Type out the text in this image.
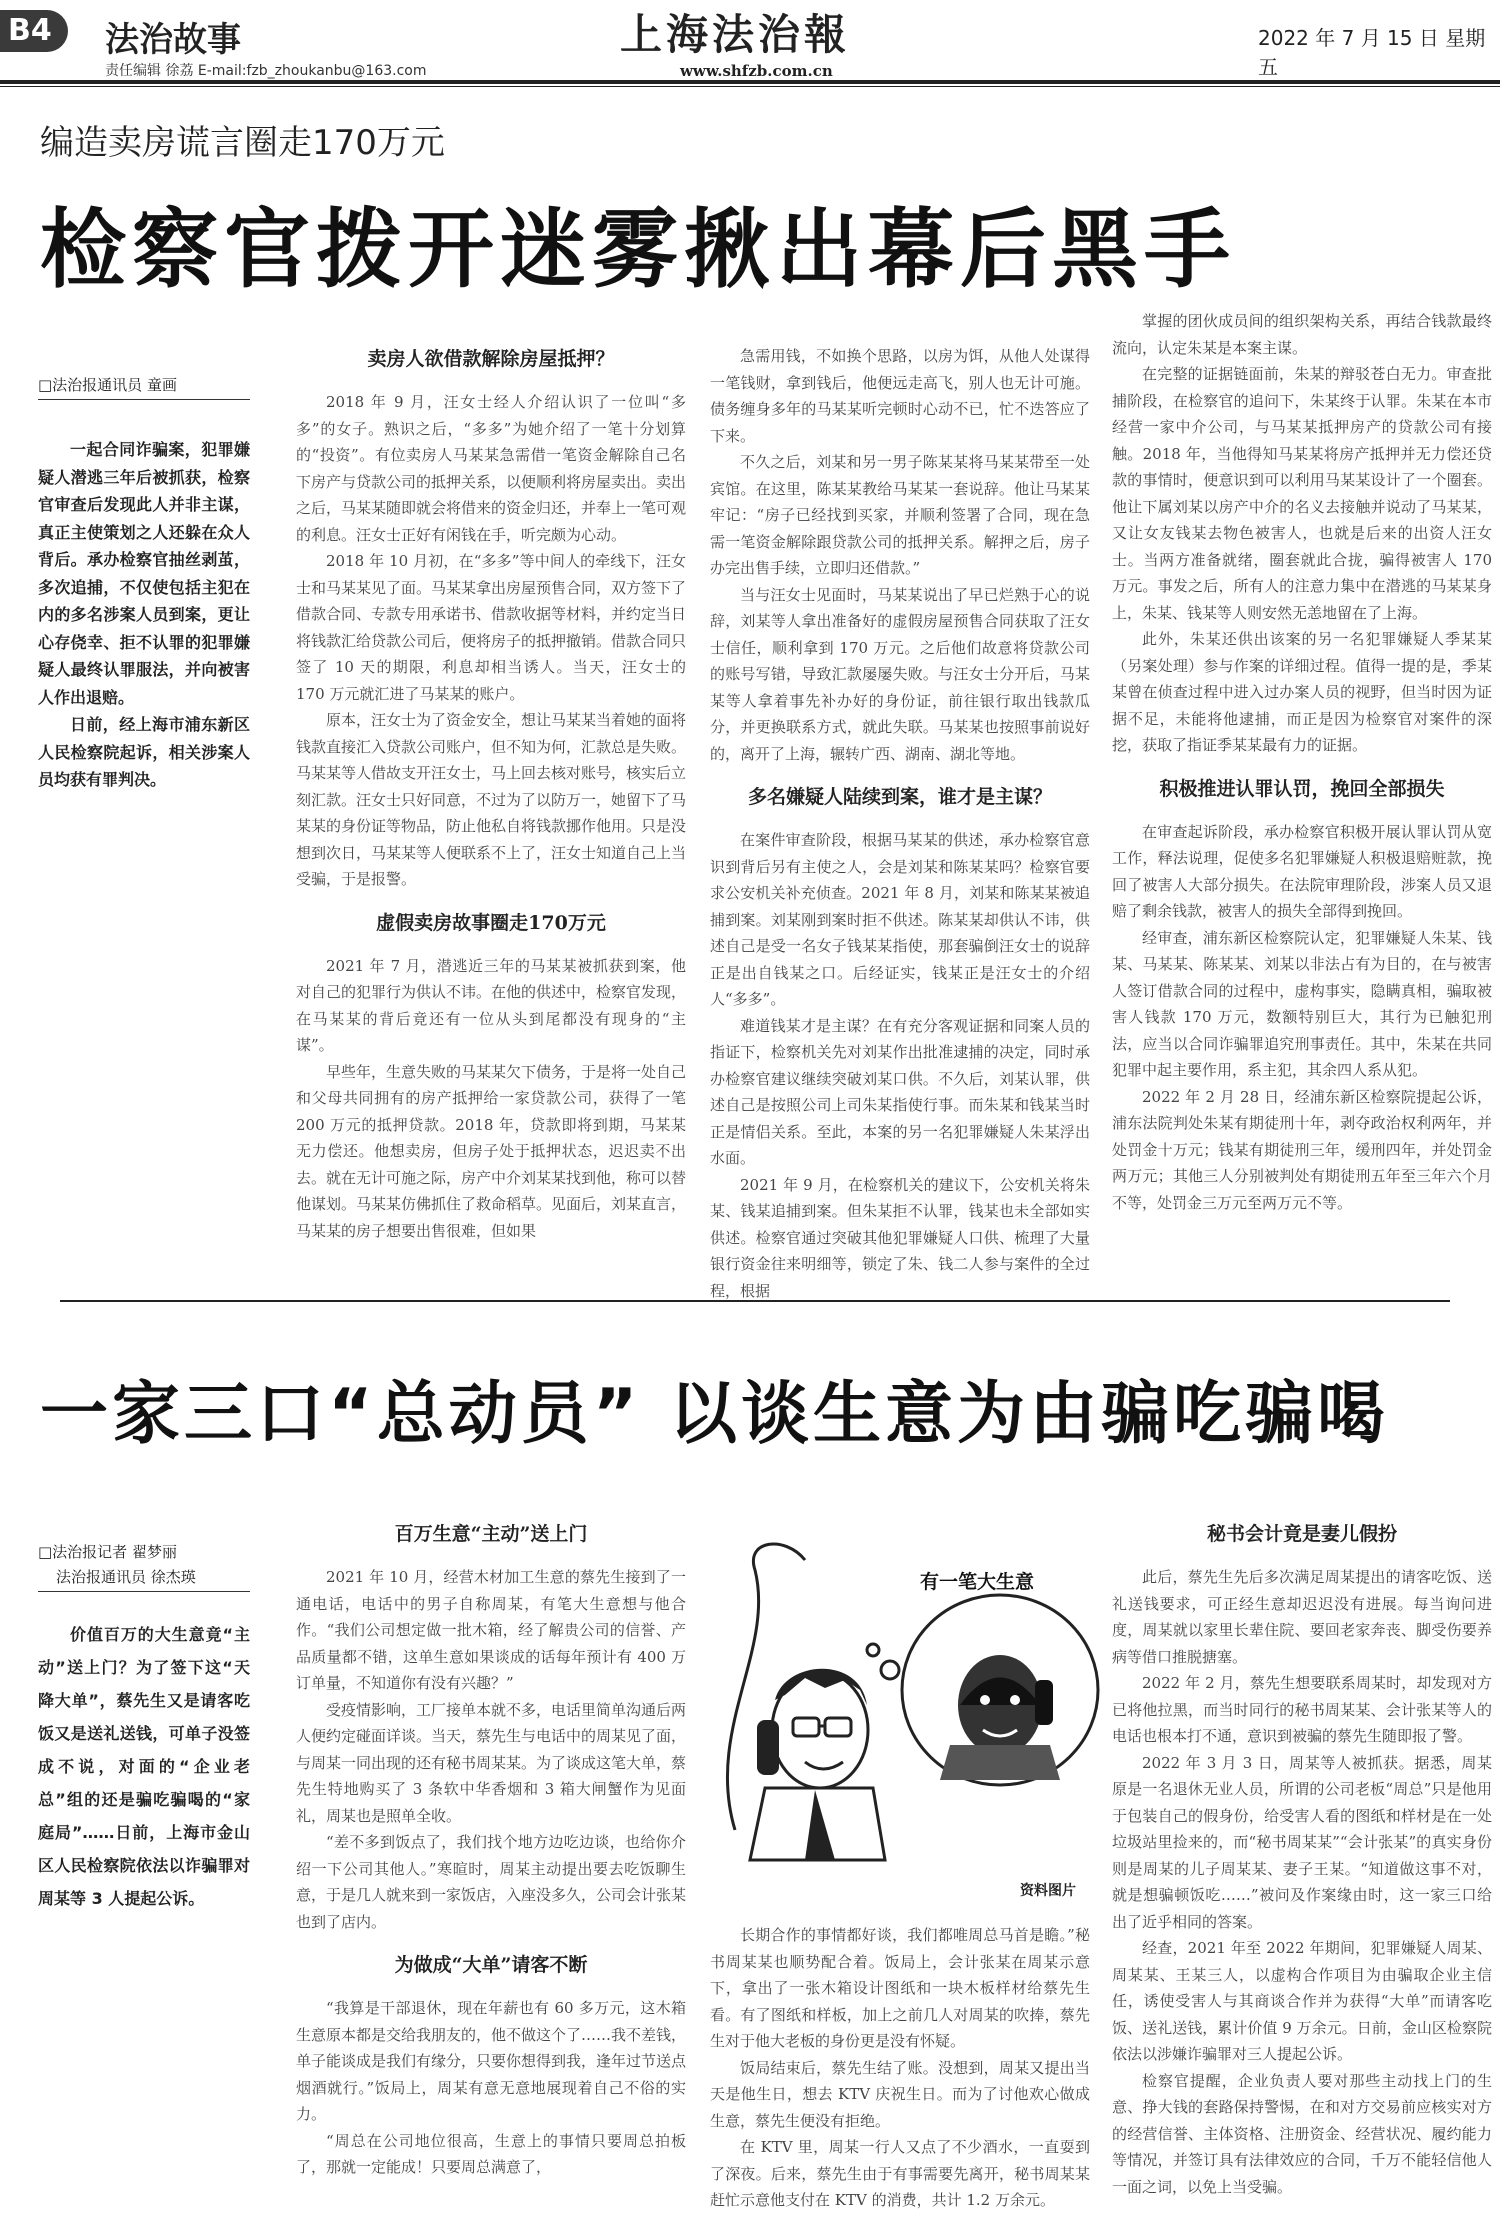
B4	法治故事
责任编辑 徐荔 E-mail:fzb_zhoukanbu@163.com
上海法治報
www.shfzb.com.cn
2022 年 7 月 15 日 星期五
编造卖房谎言圈走170万元
检察官拨开迷雾揪出幕后黑手
□法治报通讯员 童画

一起合同诈骗案，犯罪嫌疑人潜逃三年后被抓获，检察官审查后发现此人并非主谋，真正主使策划之人还躲在众人背后。承办检察官抽丝剥茧，多次追捕，不仅使包括主犯在内的多名涉案人员到案，更让心存侥幸、拒不认罪的犯罪嫌疑人最终认罪服法，并向被害人作出退赔。

日前，经上海市浦东新区人民检察院起诉，相关涉案人员均获有罪判决。

卖房人欲借款解除房屋抵押？

2018 年 9 月，汪女士经人介绍认识了一位叫“多多”的女子。熟识之后，“多多”为她介绍了一笔十分划算的“投资”。有位卖房人马某某急需借一笔资金解除自己名下房产与贷款公司的抵押关系，以便顺利将房屋卖出。卖出之后，马某某随即就会将借来的资金归还，并奉上一笔可观的利息。汪女士正好有闲钱在手，听完颇为心动。

2018 年 10 月初，在“多多”等中间人的牵线下，汪女士和马某某见了面。马某某拿出房屋预售合同，双方签下了借款合同、专款专用承诺书、借款收据等材料，并约定当日将钱款汇给贷款公司后，便将房子的抵押撤销。借款合同只签了 10 天的期限，利息却相当诱人。当天，汪女士的 170 万元就汇进了马某某的账户。

原本，汪女士为了资金安全，想让马某某当着她的面将钱款直接汇入贷款公司账户，但不知为何，汇款总是失败。马某某等人借故支开汪女士，马上回去核对账号，核实后立刻汇款。汪女士只好同意，不过为了以防万一，她留下了马某某的身份证等物品，防止他私自将钱款挪作他用。只是没想到次日，马某某等人便联系不上了，汪女士知道自己上当受骗，于是报警。

虚假卖房故事圈走170万元

2021 年 7 月，潜逃近三年的马某某被抓获到案，他对自己的犯罪行为供认不讳。在他的供述中，检察官发现，在马某某的背后竟还有一位从头到尾都没有现身的“主谋”。

早些年，生意失败的马某某欠下债务，于是将一处自己和父母共同拥有的房产抵押给一家贷款公司，获得了一笔 200 万元的抵押贷款。2018 年，贷款即将到期，马某某无力偿还。他想卖房，但房子处于抵押状态，迟迟卖不出去。就在无计可施之际，房产中介刘某某找到他，称可以替他谋划。马某某仿佛抓住了救命稻草。见面后，刘某直言，马某某的房子想要出售很难，但如果

急需用钱，不如换个思路，以房为饵，从他人处谋得一笔钱财，拿到钱后，他便远走高飞，别人也无计可施。债务缠身多年的马某某听完顿时心动不已，忙不迭答应了下来。

不久之后，刘某和另一男子陈某某将马某某带至一处宾馆。在这里，陈某某教给马某某一套说辞。他让马某某牢记：“房子已经找到买家，并顺利签署了合同，现在急需一笔资金解除跟贷款公司的抵押关系。解押之后，房子办完出售手续，立即归还借款。”

当与汪女士见面时，马某某说出了早已烂熟于心的说辞，刘某等人拿出准备好的虚假房屋预售合同获取了汪女士信任，顺利拿到 170 万元。之后他们故意将贷款公司的账号写错，导致汇款屡屡失败。与汪女士分开后，马某某等人拿着事先补办好的身份证，前往银行取出钱款瓜分，并更换联系方式，就此失联。马某某也按照事前说好的，离开了上海，辗转广西、湖南、湖北等地。

多名嫌疑人陆续到案，谁才是主谋？

在案件审查阶段，根据马某某的供述，承办检察官意识到背后另有主使之人，会是刘某和陈某某吗？检察官要求公安机关补充侦查。2021 年 8 月，刘某和陈某某被追捕到案。刘某刚到案时拒不供述。陈某某却供认不讳，供述自己是受一名女子钱某某指使，那套骗倒汪女士的说辞正是出自钱某之口。后经证实，钱某正是汪女士的介绍人“多多”。

难道钱某才是主谋？在有充分客观证据和同案人员的指证下，检察机关先对刘某作出批准逮捕的决定，同时承办检察官建议继续突破刘某口供。不久后，刘某认罪，供述自己是按照公司上司朱某指使行事。而朱某和钱某当时正是情侣关系。至此，本案的另一名犯罪嫌疑人朱某浮出水面。

2021 年 9 月，在检察机关的建议下，公安机关将朱某、钱某追捕到案。但朱某拒不认罪，钱某也未全部如实供述。检察官通过突破其他犯罪嫌疑人口供、梳理了大量银行资金往来明细等，锁定了朱、钱二人参与案件的全过程，根据

掌握的团伙成员间的组织架构关系，再结合钱款最终流向，认定朱某是本案主谋。

在完整的证据链面前，朱某的辩驳苍白无力。审查批捕阶段，在检察官的追问下，朱某终于认罪。朱某在本市经营一家中介公司，与马某某抵押房产的贷款公司有接触。2018 年，当他得知马某某将房产抵押并无力偿还贷款的事情时，便意识到可以利用马某某设计了一个圈套。他让下属刘某以房产中介的名义去接触并说动了马某某，又让女友钱某去物色被害人，也就是后来的出资人汪女士。当两方准备就绪，圈套就此合拢，骗得被害人 170 万元。事发之后，所有人的注意力集中在潜逃的马某某身上，朱某、钱某等人则安然无恙地留在了上海。

此外，朱某还供出该案的另一名犯罪嫌疑人季某某（另案处理）参与作案的详细过程。值得一提的是，季某某曾在侦查过程中进入过办案人员的视野，但当时因为证据不足，未能将他逮捕，而正是因为检察官对案件的深挖，获取了指证季某某最有力的证据。

积极推进认罪认罚，挽回全部损失

在审查起诉阶段，承办检察官积极开展认罪认罚从宽工作，释法说理，促使多名犯罪嫌疑人积极退赔赃款，挽回了被害人大部分损失。在法院审理阶段，涉案人员又退赔了剩余钱款，被害人的损失全部得到挽回。

经审查，浦东新区检察院认定，犯罪嫌疑人朱某、钱某、马某某、陈某某、刘某以非法占有为目的，在与被害人签订借款合同的过程中，虚构事实，隐瞒真相，骗取被害人钱款 170 万元，数额特别巨大，其行为已触犯刑法，应当以合同诈骗罪追究刑事责任。其中，朱某在共同犯罪中起主要作用，系主犯，其余四人系从犯。

2022 年 2 月 28 日，经浦东新区检察院提起公诉，浦东法院判处朱某有期徒刑十年，剥夺政治权利两年，并处罚金十万元；钱某有期徒刑三年，缓刑四年，并处罚金两万元；其他三人分别被判处有期徒刑五年至三年六个月不等，处罚金三万元至两万元不等。

一家三口“总动员” 以谈生意为由骗吃骗喝
□法治报记者 翟梦丽
法治报通讯员 徐杰瑛

价值百万的大生意竟“主动”送上门？为了签下这“天降大单”，蔡先生又是请客吃饭又是送礼送钱，可单子没签成不说，对面的“企业老总”组的还是骗吃骗喝的“家庭局”……日前，上海市金山区人民检察院依法以诈骗罪对周某等 3 人提起公诉。

百万生意“主动”送上门

2021 年 10 月，经营木材加工生意的蔡先生接到了一通电话，电话中的男子自称周某，有笔大生意想与他合作。“我们公司想定做一批木箱，经了解贵公司的信誉、产品质量都不错，这单生意如果谈成的话每年预计有 400 万订单量，不知道你有没有兴趣？”

受疫情影响，工厂接单本就不多，电话里简单沟通后两人便约定碰面详谈。当天，蔡先生与电话中的周某见了面，与周某一同出现的还有秘书周某某。为了谈成这笔大单，蔡先生特地购买了 3 条软中华香烟和 3 箱大闸蟹作为见面礼，周某也是照单全收。

“差不多到饭点了，我们找个地方边吃边谈，也给你介绍一下公司其他人。”寒暄时，周某主动提出要去吃饭聊生意，于是几人就来到一家饭店，入座没多久，公司会计张某也到了店内。

为做成“大单”请客不断

“我算是干部退休，现在年薪也有 60 多万元，这木箱生意原本都是交给我朋友的，他不做这个了……我不差钱，单子能谈成是我们有缘分，只要你想得到我，逢年过节送点烟酒就行。”饭局上，周某有意无意地展现着自己不俗的实力。

“周总在公司地位很高，生意上的事情只要周总拍板了，那就一定能成！只要周总满意了，

有一笔大生意
资料图片

长期合作的事情都好谈，我们都唯周总马首是瞻。”秘书周某某也顺势配合着。饭局上，会计张某在周某示意下，拿出了一张木箱设计图纸和一块木板样材给蔡先生看。有了图纸和样板，加上之前几人对周某的吹捧，蔡先生对于他大老板的身份更是没有怀疑。

饭局结束后，蔡先生结了账。没想到，周某又提出当天是他生日，想去 KTV 庆祝生日。而为了讨他欢心做成生意，蔡先生便没有拒绝。

在 KTV 里，周某一行人又点了不少酒水，一直耍到了深夜。后来，蔡先生由于有事需要先离开，秘书周某某赶忙示意他支付在 KTV 的消费，共计 1.2 万余元。

秘书会计竟是妻儿假扮

此后，蔡先生先后多次满足周某提出的请客吃饭、送礼送钱要求，可正经生意却迟迟没有进展。每当询问进度，周某就以家里长辈住院、要回老家奔丧、脚受伤要养病等借口推脱搪塞。

2022 年 2 月，蔡先生想要联系周某时，却发现对方已将他拉黑，而当时同行的秘书周某某、会计张某等人的电话也根本打不通，意识到被骗的蔡先生随即报了警。

2022 年 3 月 3 日，周某等人被抓获。据悉，周某原是一名退休无业人员，所谓的公司老板“周总”只是他用于包装自己的假身份，给受害人看的图纸和样材是在一处垃圾站里捡来的，而“秘书周某某”“会计张某”的真实身份则是周某的儿子周某某、妻子王某。“知道做这事不对，就是想骗顿饭吃……”被问及作案缘由时，这一家三口给出了近乎相同的答案。

经查，2021 年至 2022 年期间，犯罪嫌疑人周某、周某某、王某三人，以虚构合作项目为由骗取企业主信任，诱使受害人与其商谈合作并为获得“大单”而请客吃饭、送礼送钱，累计价值 9 万余元。日前，金山区检察院依法以涉嫌诈骗罪对三人提起公诉。

检察官提醒，企业负责人要对那些主动找上门的生意、挣大钱的套路保持警惕，在和对方交易前应核实对方的经营信誉、主体资格、注册资金、经营状况、履约能力等情况，并签订具有法律效应的合同，千万不能轻信他人一面之词，以免上当受骗。
